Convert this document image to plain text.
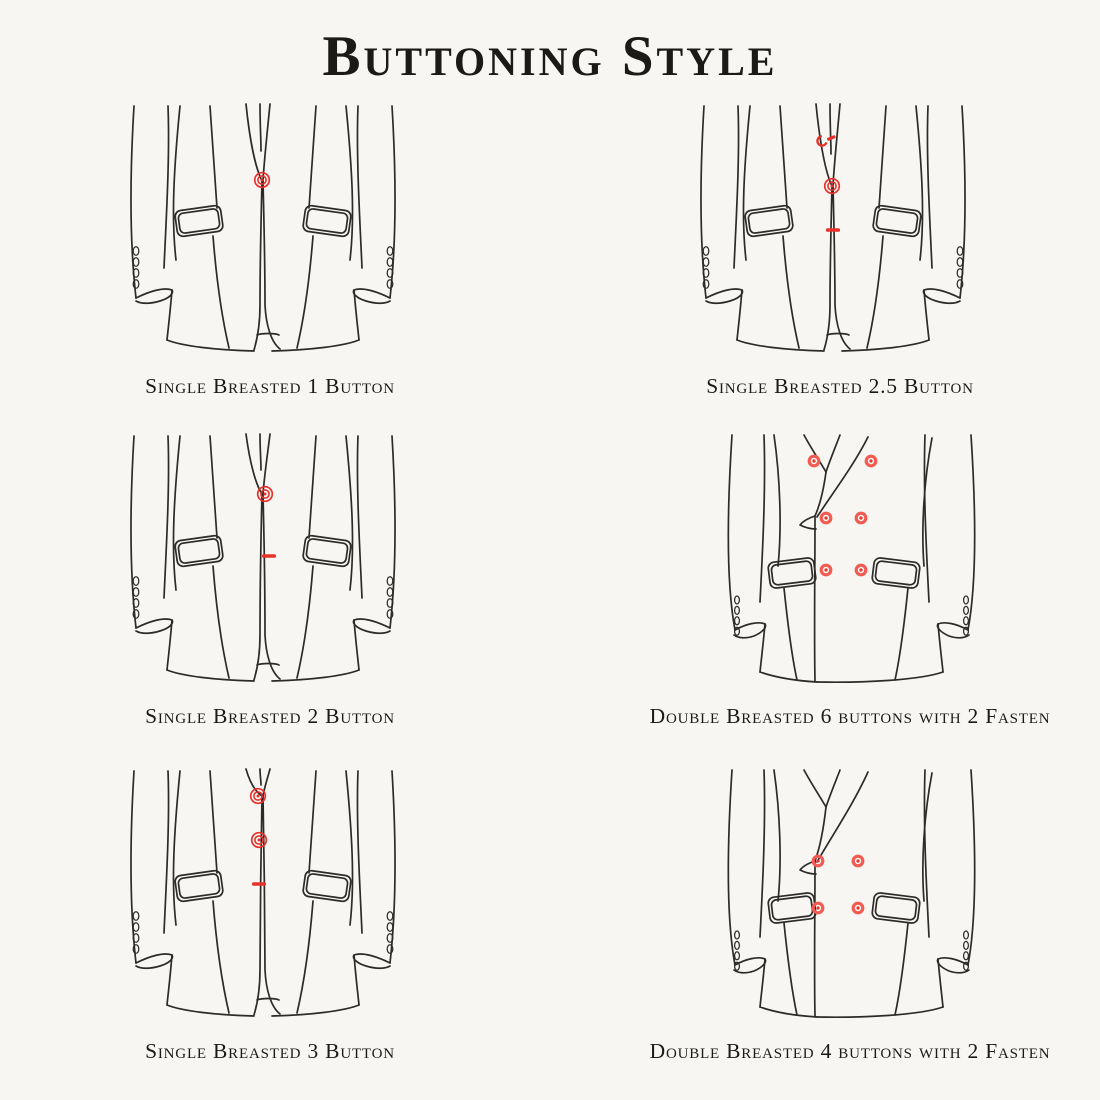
Buttoning Style
Single Breasted 1 Button	Single Breasted 2.5 Button
Single Breasted 2 Button	Double Breasted 6 buttons with 2 Fasten
Single Breasted 3 Button	Double Breasted 4 buttons with 2 Fasten
